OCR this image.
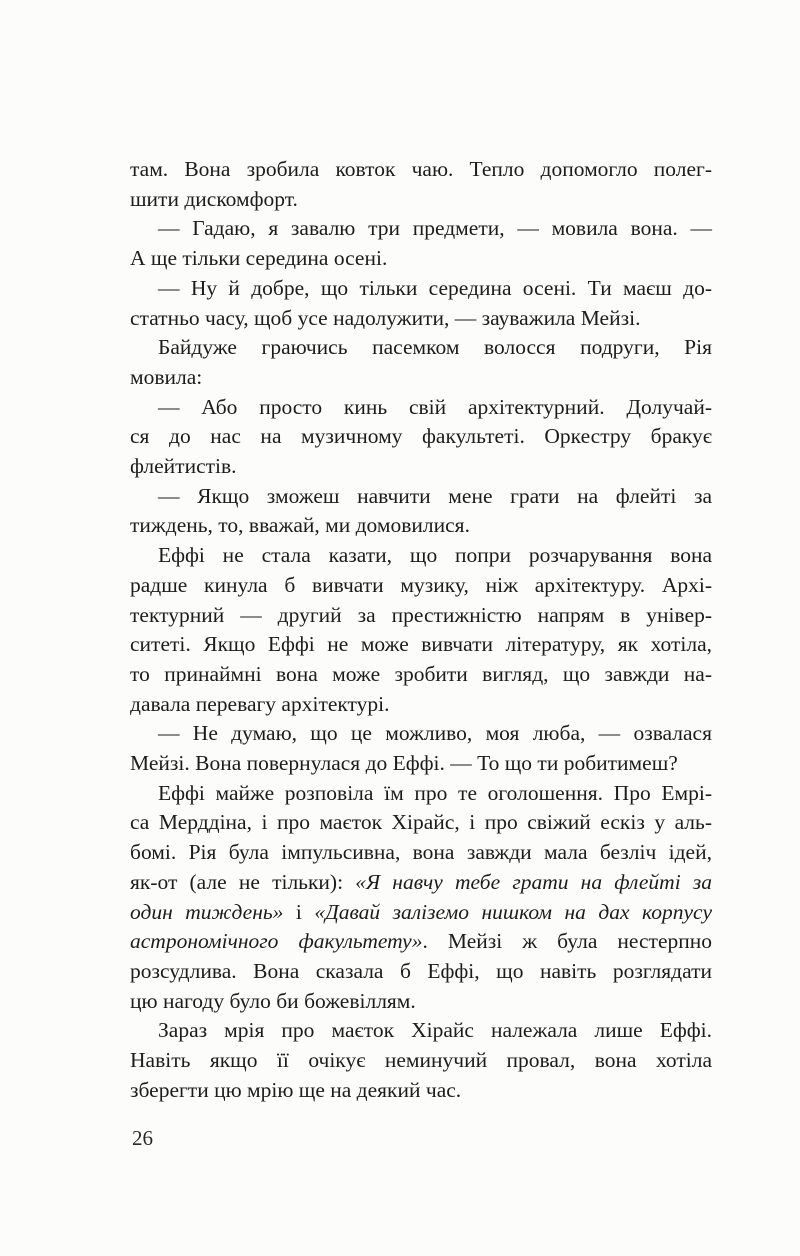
там. Вона зробила ковток чаю. Тепло допомогло полег-
шити дискомфорт.
— Гадаю, я завалю три предмети, — мовила вона. —
А ще тільки середина осені.
— Ну й добре, що тільки середина осені. Ти маєш до-
статньо часу, щоб усе надолужити, — зауважила Мейзі.
Байдуже граючись пасемком волосся подруги, Рія
мовила:
— Або просто кинь свій архітектурний. Долучай-
ся до нас на музичному факультеті. Оркестру бракує
флейтистів.
— Якщо зможеш навчити мене грати на флейті за
тиждень, то, вважай, ми домовилися.
Еффі не стала казати, що попри розчарування вона
радше кинула б вивчати музику, ніж архітектуру. Архі-
тектурний — другий за престижністю напрям в універ-
ситеті. Якщо Еффі не може вивчати літературу, як хотіла,
то принаймні вона може зробити вигляд, що завжди на-
давала перевагу архітектурі.
— Не думаю, що це можливо, моя люба, — озвалася
Мейзі. Вона повернулася до Еффі. — То що ти робитимеш?
Еффі майже розповіла їм про те оголошення. Про Емрі-
са Мерддіна, і про маєток Хірайс, і про свіжий ескіз у аль-
бомі. Рія була імпульсивна, вона завжди мала безліч ідей,
як-от (але не тільки): «Я навчу тебе грати на флейті за
один тиждень» і «Давай заліземо нишком на дах корпусу
астрономічного факультету». Мейзі ж була нестерпно
розсудлива. Вона сказала б Еффі, що навіть розглядати
цю нагоду було би божевіллям.
Зараз мрія про маєток Хірайс належала лише Еффі.
Навіть якщо її очікує неминучий провал, вона хотіла
зберегти цю мрію ще на деякий час.
26
